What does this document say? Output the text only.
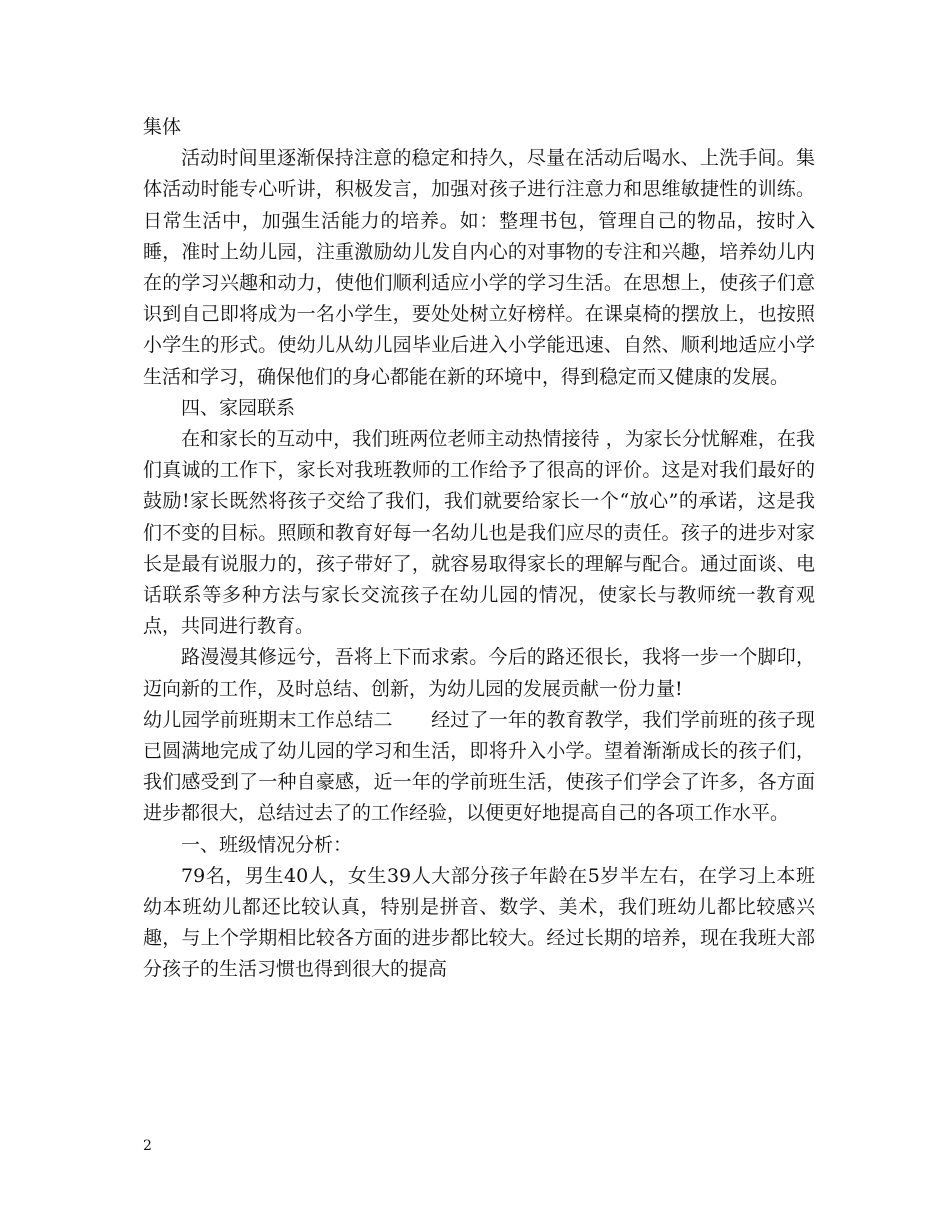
集体

活动时间里逐渐保持注意的稳定和持久，尽量在活动后喝水、上洗手间。集体活动时能专心听讲，积极发言，加强对孩子进行注意力和思维敏捷性的训练。日常生活中，加强生活能力的培养。如：整理书包，管理自己的物品，按时入睡，准时上幼儿园，注重激励幼儿发自内心的对事物的专注和兴趣，培养幼儿内在的学习兴趣和动力，使他们顺利适应小学的学习生活。在思想上，使孩子们意识到自己即将成为一名小学生，要处处树立好榜样。在课桌椅的摆放上，也按照小学生的形式。使幼儿从幼儿园毕业后进入小学能迅速、自然、顺利地适应小学生活和学习，确保他们的身心都能在新的环境中，得到稳定而又健康的发展。

四、家园联系

在和家长的互动中，我们班两位老师主动热情接待 ，为家长分忧解难，在我们真诚的工作下，家长对我班教师的工作给予了很高的评价。这是对我们最好的鼓励!家长既然将孩子交给了我们，我们就要给家长一个“放心”的承诺，这是我们不变的目标。照顾和教育好每一名幼儿也是我们应尽的责任。孩子的进步对家长是最有说服力的，孩子带好了，就容易取得家长的理解与配合。通过面谈、电话联系等多种方法与家长交流孩子在幼儿园的情况，使家长与教师统一教育观点，共同进行教育。

路漫漫其修远兮，吾将上下而求索。今后的路还很长，我将一步一个脚印，迈向新的工作，及时总结、创新，为幼儿园的发展贡献一份力量!

幼儿园学前班期末工作总结二　　经过了一年的教育教学，我们学前班的孩子现已圆满地完成了幼儿园的学习和生活，即将升入小学。望着渐渐成长的孩子们，我们感受到了一种自豪感，近一年的学前班生活，使孩子们学会了许多，各方面进步都很大，总结过去了的工作经验，以便更好地提高自己的各项工作水平。

一、班级情况分析：

79名，男生40人，女生39人大部分孩子年龄在5岁半左右，在学习上本班幼本班幼儿都还比较认真，特别是拼音、数学、美术，我们班幼儿都比较感兴趣，与上个学期相比较各方面的进步都比较大。经过长期的培养，现在我班大部分孩子的生活习惯也得到很大的提高

2
